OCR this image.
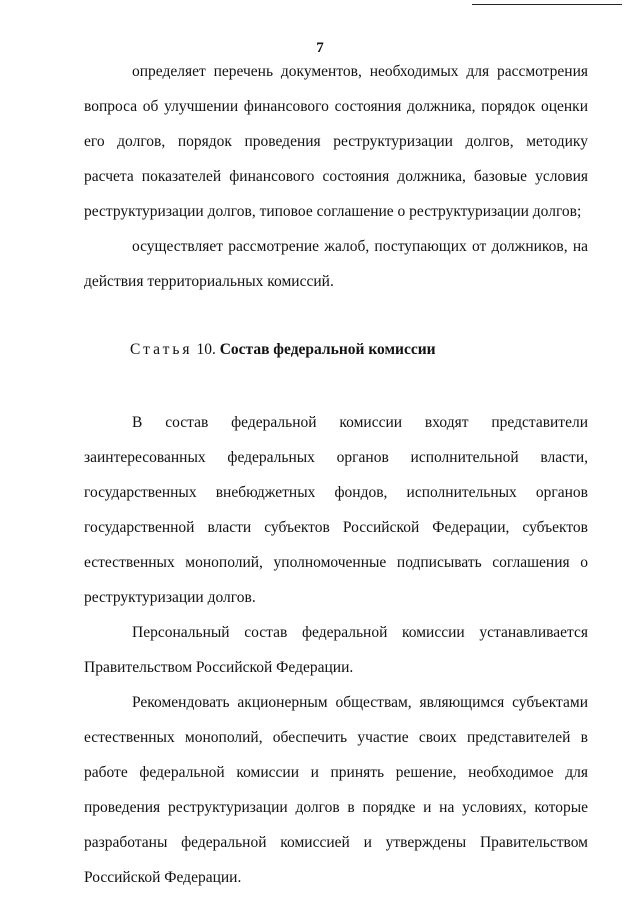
7

определяет перечень документов, необходимых для рассмотрения вопроса об улучшении финансового состояния должника, порядок оценки его долгов, порядок проведения реструктуризации долгов, методику расчета показателей финансового состояния должника, базовые условия реструктуризации долгов, типовое соглашение о реструктуризации долгов;

осуществляет рассмотрение жалоб, поступающих от должников, на действия территориальных комиссий.

Статья 10. Состав федеральной комиссии

В состав федеральной комиссии входят представители заинтересованных федеральных органов исполнительной власти, государственных внебюджетных фондов, исполнительных органов государственной власти субъектов Российской Федерации, субъектов естественных монополий, уполномоченные подписывать соглашения о реструктуризации долгов.

Персональный состав федеральной комиссии устанавливается Правительством Российской Федерации.

Рекомендовать акционерным обществам, являющимся субъектами естественных монополий, обеспечить участие своих представителей в работе федеральной комиссии и принять решение, необходимое для проведения реструктуризации долгов в порядке и на условиях, которые разработаны федеральной комиссией и утверждены Правительством Российской Федерации.
